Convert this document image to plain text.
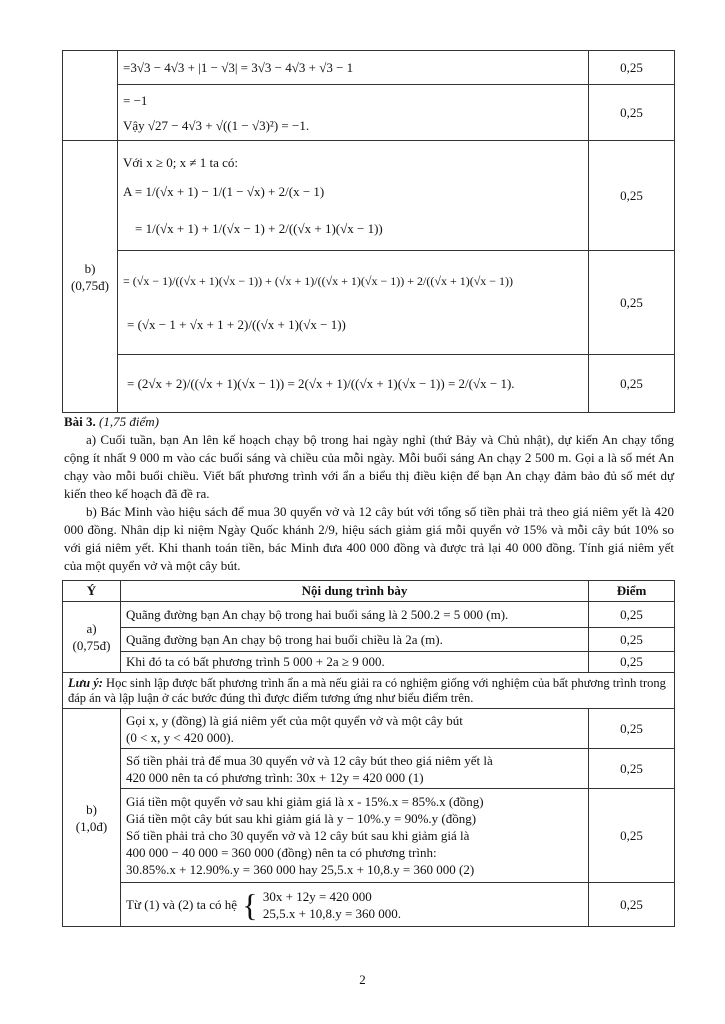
	=3√3 − 4√3 + |1 − √3| = 3√3 − 4√3 + √3 − 1	0,25

	= −1
Vậy √27 − 4√3 + √((1 − √3)²) = −1.	0,25

b)
(0,75đ)	Với x ≥ 0; x ≠ 1 ta có:
A = 1/(√x + 1) − 1/(1 − √x) + 2/(x − 1)
= 1/(√x + 1) + 1/(√x − 1) + 2/((√x + 1)(√x − 1))	0,25

	= (√x − 1)/((√x + 1)(√x − 1)) + (√x + 1)/((√x + 1)(√x − 1)) + 2/((√x + 1)(√x − 1))
= (√x − 1 + √x + 1 + 2)/((√x + 1)(√x − 1))	0,25

	= (2√x + 2)/((√x + 1)(√x − 1)) = 2(√x + 1)/((√x + 1)(√x − 1)) = 2/(√x − 1).	0,25

Bài 3. (1,75 điểm)

a) Cuối tuần, bạn An lên kế hoạch chạy bộ trong hai ngày nghỉ (thứ Bảy và Chủ nhật), dự kiến An chạy tổng cộng ít nhất 9 000 m vào các buổi sáng và chiều của mỗi ngày. Mỗi buổi sáng An chạy 2 500 m. Gọi a là số mét An chạy vào mỗi buổi chiều. Viết bất phương trình với ẩn a biểu thị điều kiện để bạn An chạy đảm bảo đủ số mét dự kiến theo kế hoạch đã đề ra.

b) Bác Minh vào hiệu sách để mua 30 quyển vở và 12 cây bút với tổng số tiền phải trả theo giá niêm yết là 420 000 đồng. Nhân dịp kỉ niệm Ngày Quốc khánh 2/9, hiệu sách giảm giá mỗi quyển vở 15% và mỗi cây bút 10% so với giá niêm yết. Khi thanh toán tiền, bác Minh đưa 400 000 đồng và được trả lại 40 000 đồng. Tính giá niêm yết của một quyển vở và một cây bút.

Ý	Nội dung trình bày	Điểm

a)
(0,75đ)	Quãng đường bạn An chạy bộ trong hai buổi sáng là 2 500.2 = 5 000 (m).	0,25
	Quãng đường bạn An chạy bộ trong hai buổi chiều là 2a (m).	0,25
	Khi đó ta có bất phương trình 5 000 + 2a ≥ 9 000.	0,25
Lưu ý: Học sinh lập được bất phương trình ẩn a mà nếu giải ra có nghiệm giống với nghiệm của bất phương trình trong đáp án và lập luận ở các bước đúng thì được điểm tương ứng như biểu điểm trên.		

b)
(1,0đ)	Gọi x, y (đồng) là giá niêm yết của một quyển vở và một cây bút
(0 < x, y < 420 000).	0,25

	Số tiền phải trả để mua 30 quyển vở và 12 cây bút theo giá niêm yết là
420 000 nên ta có phương trình: 30x + 12y = 420 000 (1)	0,25

	Giá tiền một quyển vở sau khi giảm giá là x - 15%.x = 85%.x (đồng)
Giá tiền một cây bút sau khi giảm giá là y − 10%.y = 90%.y (đồng)
Số tiền phải trả cho 30 quyển vở và 12 cây bút sau khi giảm giá là
400 000 − 40 000 = 360 000 (đồng) nên ta có phương trình:
30.85%.x + 12.90%.y = 360 000 hay 25,5.x + 10,8.y = 360 000 (2)	0,25
	Từ (1) và (2) ta có hệ { 30x + 12y = 420 000
25,5.x + 10,8.y = 360 000.	0,25
2
